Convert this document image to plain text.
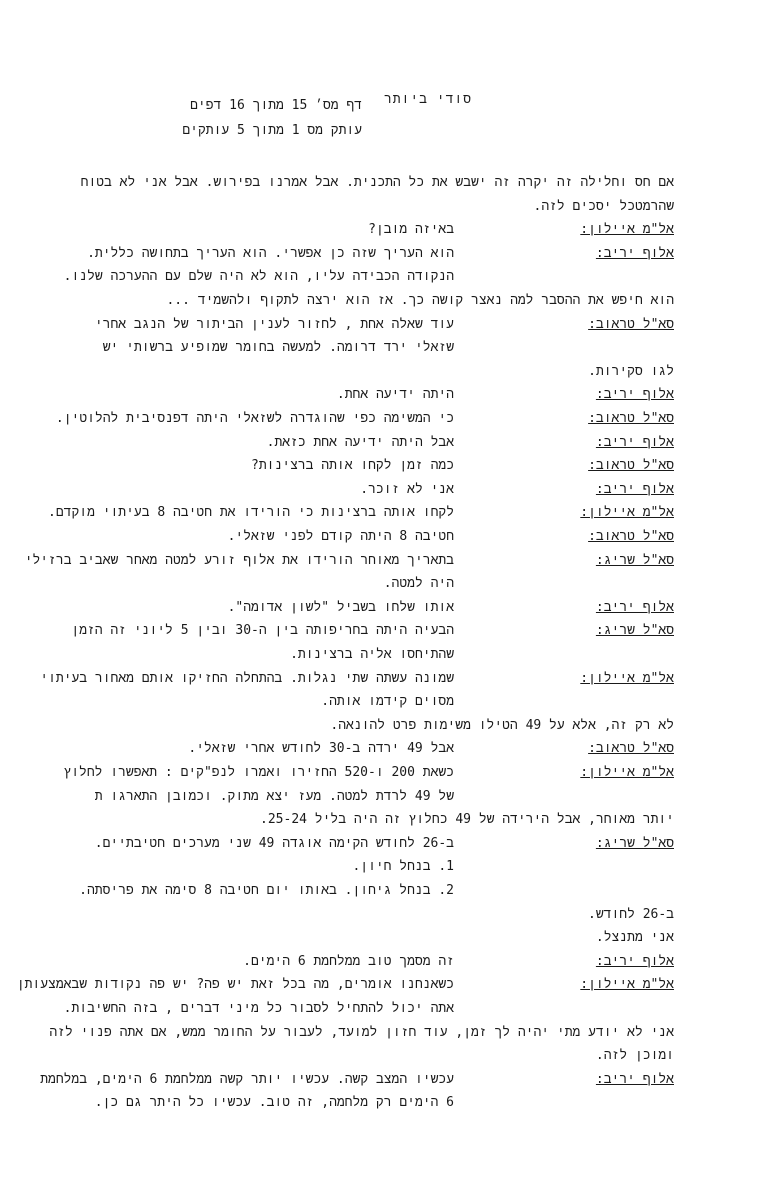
סודי ביותר
דף מס׳ 15 מתוך 16 דפים
עותק מס 1 מתוך 5 עותקים
אם חס וחלילה זה יקרה זה ישבש את כל התכנית. אבל אמרנו בפירוש. אבל אני לא בטוח
שהרמטכל יסכים לזה.
אל"מ איילון:
באיזה מובן?
אלוף יריב:
הוא העריך שזה כן אפשרי. הוא העריך בתחושה כללית.
הנקודה הכבידה עליו, הוא לא היה שלם עם ההערכה שלנו.
הוא חיפש את ההסבר למה נאצר קושה כך. אז הוא ירצה לתקוף ולהשמיד ...
סא"ל טראוב:
עוד שאלה אחת , לחזור לענין הביתור של הנגב אחרי
שזאלי ירד דרומה. למעשה בחומר שמופיע ברשותי יש
לגו סקירות.
אלוף יריב:
היתה ידיעה אחת.
סא"ל טראוב:
כי המשימה כפי שהוגדרה לשזאלי היתה דפנסיבית להלוטין.
אלוף יריב:
אבל היתה ידיעה אחת כזאת.
סא"ל טראוב:
כמה זמן לקחו אותה ברצינות?
אלוף יריב:
אני לא זוכר.
אל"מ איילון:
לקחו אותה ברצינות כי הורידו את חטיבה 8 בעיתוי מוקדם.
סא"ל טראוב:
חטיבה 8 היתה קודם לפני שזאלי.
סא"ל שריג:
בתאריך מאוחר הורידו את אלוף זורע למטה מאחר שאביב ברזילי
היה למטה.
אלוף יריב:
אותו שלחו בשביל "לשון אדומה".
סא"ל שריג:
הבעיה היתה בחריפותה בין ה-30 ובין 5 ליוני זה הזמן
שהתיחסו אליה ברצינות.
אל"מ איילון:
שמונה עשתה שתי נגלות. בהתחלה החזיקו אותם מאחור בעיתוי
מסוים קידמו אותה.
לא רק זה, אלא על 49 הטילו משימות פרט להונאה.
סא"ל טראוב:
אבל 49 ירדה ב-30 לחודש אחרי שזאלי.
אל"מ איילון:
כשאת 200 ו-520 החזירו ואמרו לנפ"קים : תאפשרו לחלוץ
של 49 לרדת למטה. מעז יצא מתוק. וכמובן התארגו ת
יותר מאוחר, אבל הירידה של 49 כחלוץ זה היה בליל 25-24.
סא"ל שריג:
ב-26 לחודש הקימה אוגדה 49 שני מערכים חטיבתיים.
1. בנחל חיון.
2. בנחל גיחון. באותו יום חטיבה 8 סימה את פריסתה.
ב-26 לחודש.
אני מתנצל.
אלוף יריב:
זה מסמך טוב ממלחמת 6 הימים.
אל"מ איילון:
כשאנחנו אומרים, מה בכל זאת יש פה? יש פה נקודות שבאמצעותן
אתה יכול להתחיל לסבור כל מיני דברים , בזה החשיבות.
אני לא יודע מתי יהיה לך זמן, עוד חזון למועד, לעבור על החומר ממש, אם אתה פנוי לזה
ומוכן לזה.
אלוף יריב:
עכשיו המצב קשה. עכשיו יותר קשה ממלחמת 6 הימים, במלחמת
6 הימים רק מלחמה, זה טוב. עכשיו כל היתר גם כן.
